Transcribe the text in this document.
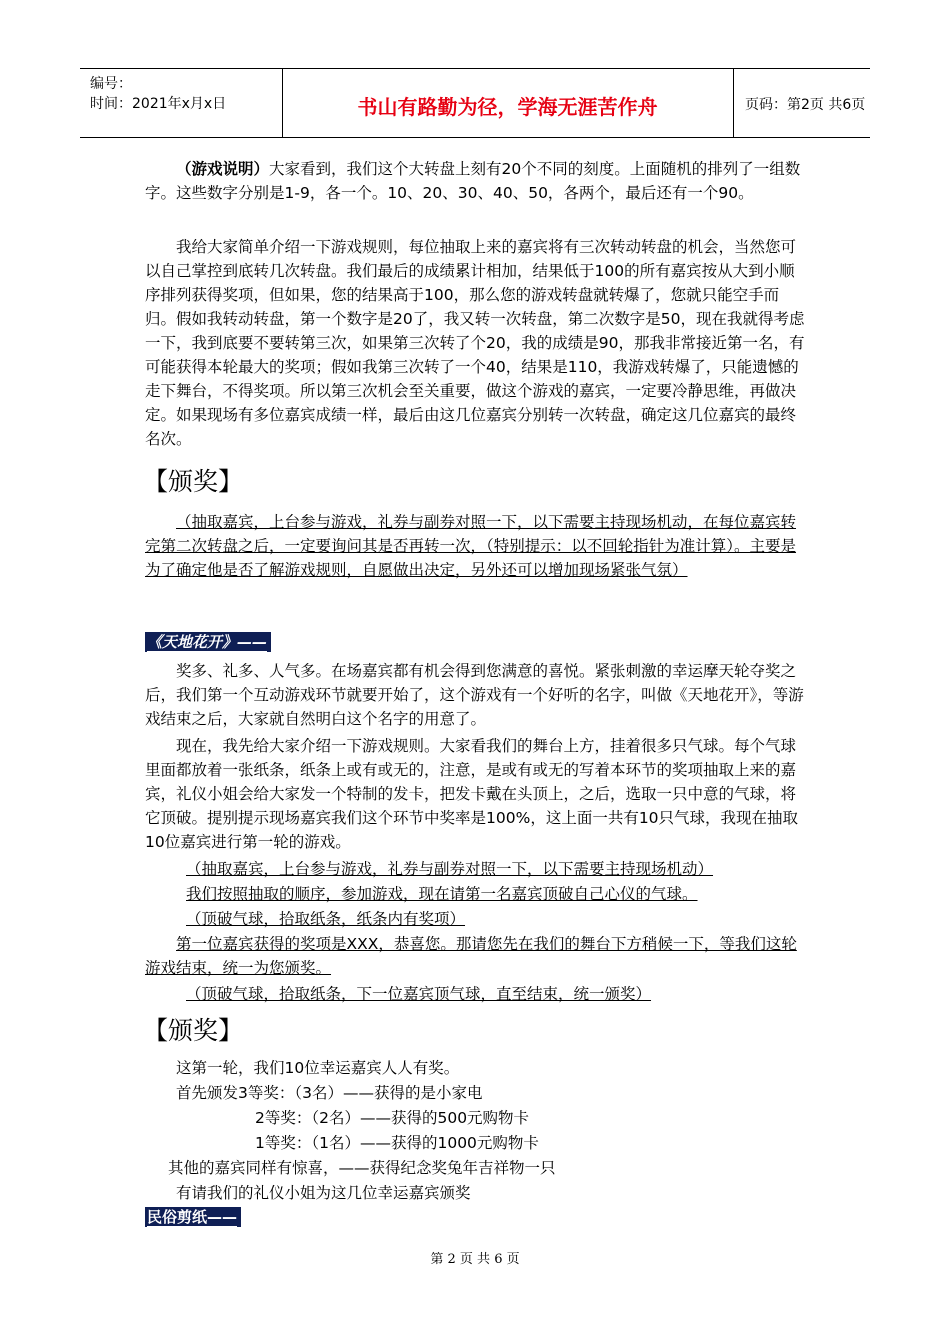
编号：
时间：2021年x月x日	书山有路勤为径，学海无涯苦作舟	页码：第2页 共6页
（游戏说明）大家看到，我们这个大转盘上刻有20个不同的刻度。上面随机的排列了一组数字。这些数字分别是1-9，各一个。10、20、30、40、50，各两个，最后还有一个90。
我给大家简单介绍一下游戏规则，每位抽取上来的嘉宾将有三次转动转盘的机会，当然您可以自己掌控到底转几次转盘。我们最后的成绩累计相加，结果低于100的所有嘉宾按从大到小顺序排列获得奖项，但如果，您的结果高于100，那么您的游戏转盘就转爆了，您就只能空手而归。假如我转动转盘，第一个数字是20了，我又转一次转盘，第二次数字是50，现在我就得考虑一下，我到底要不要转第三次，如果第三次转了个20，我的成绩是90，那我非常接近第一名，有可能获得本轮最大的奖项；假如我第三次转了一个40，结果是110，我游戏转爆了，只能遗憾的走下舞台，不得奖项。所以第三次机会至关重要，做这个游戏的嘉宾，一定要冷静思维，再做决定。如果现场有多位嘉宾成绩一样，最后由这几位嘉宾分别转一次转盘，确定这几位嘉宾的最终名次。
【颁奖】
（抽取嘉宾，上台参与游戏，礼券与副券对照一下，以下需要主持现场机动，在每位嘉宾转完第二次转盘之后，一定要询问其是否再转一次，（特别提示：以不回轮指针为准计算）。主要是为了确定他是否了解游戏规则，自愿做出决定，另外还可以增加现场紧张气氛）
《天地花开》——
奖多、礼多、人气多。在场嘉宾都有机会得到您满意的喜悦。紧张刺激的幸运摩天轮夺奖之后，我们第一个互动游戏环节就要开始了，这个游戏有一个好听的名字，叫做《天地花开》，等游戏结束之后，大家就自然明白这个名字的用意了。
现在，我先给大家介绍一下游戏规则。大家看我们的舞台上方，挂着很多只气球。每个气球里面都放着一张纸条，纸条上或有或无的，注意，是或有或无的写着本环节的奖项抽取上来的嘉宾，礼仪小姐会给大家发一个特制的发卡，把发卡戴在头顶上，之后，选取一只中意的气球，将它顶破。提别提示现场嘉宾我们这个环节中奖率是100%，这上面一共有10只气球，我现在抽取10位嘉宾进行第一轮的游戏。
（抽取嘉宾，上台参与游戏，礼券与副券对照一下，以下需要主持现场机动）
我们按照抽取的顺序，参加游戏，现在请第一名嘉宾顶破自己心仪的气球。
（顶破气球，拾取纸条，纸条内有奖项）
第一位嘉宾获得的奖项是XXX，恭喜您。那请您先在我们的舞台下方稍候一下，等我们这轮游戏结束，统一为您颁奖。
（顶破气球，拾取纸条，下一位嘉宾顶气球，直至结束，统一颁奖）
【颁奖】
这第一轮，我们10位幸运嘉宾人人有奖。
首先颁发3等奖：（3名）——获得的是小家电
2等奖：（2名）——获得的500元购物卡
1等奖：（1名）——获得的1000元购物卡
其他的嘉宾同样有惊喜，——获得纪念奖兔年吉祥物一只
有请我们的礼仪小姐为这几位幸运嘉宾颁奖
民俗剪纸——
第 2 页 共 6 页
